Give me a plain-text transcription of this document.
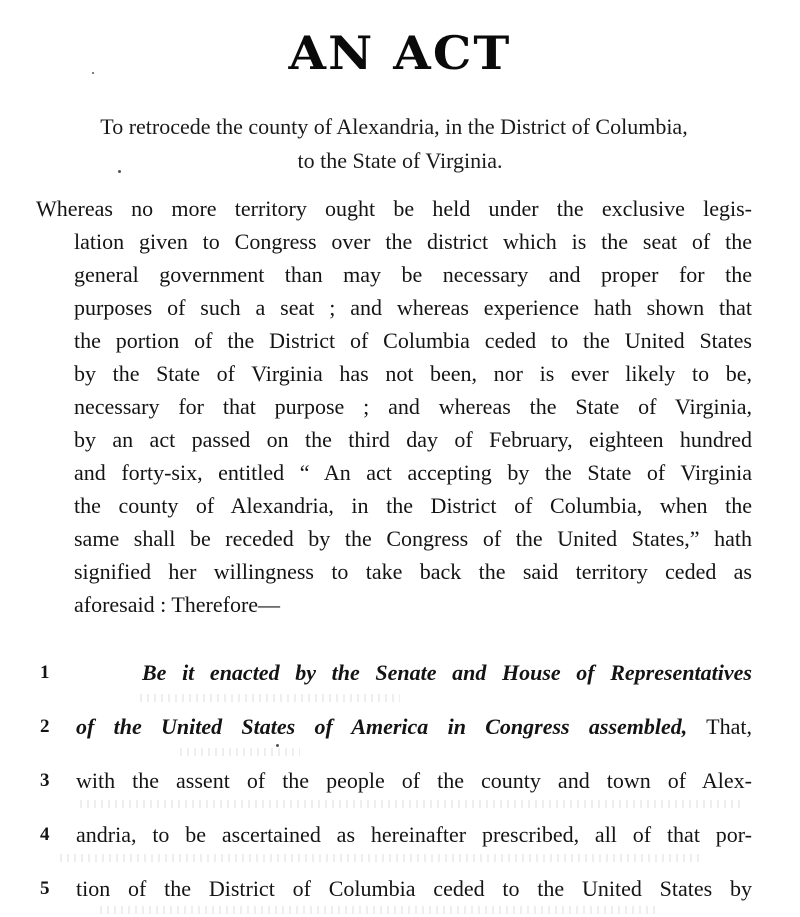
AN ACT
To retrocede the county of Alexandria, in the District of Columbia,
to the State of Virginia.
Whereas no more territory ought be held under the exclusive legis-
lation given to Congress over the district which is the seat of the
general government than may be necessary and proper for the
purposes of such a seat ; and whereas experience hath shown that
the portion of the District of Columbia ceded to the United States
by the State of Virginia has not been, nor is ever likely to be,
necessary for that purpose ; and whereas the State of Virginia,
by an act passed on the third day of February, eighteen hundred
and forty-six, entitled “ An act accepting by the State of Virginia
the county of Alexandria, in the District of Columbia, when the
same shall be receded by the Congress of the United States,” hath
signified her willingness to take back the said territory ceded as
aforesaid : Therefore—
1	Be it enacted by the Senate and House of Representatives
2	of the United States of America in Congress assembled, That,
3	with the assent of the people of the county and town of Alex-
4	andria, to be ascertained as hereinafter prescribed, all of that por-
5	tion of the District of Columbia ceded to the United States by
